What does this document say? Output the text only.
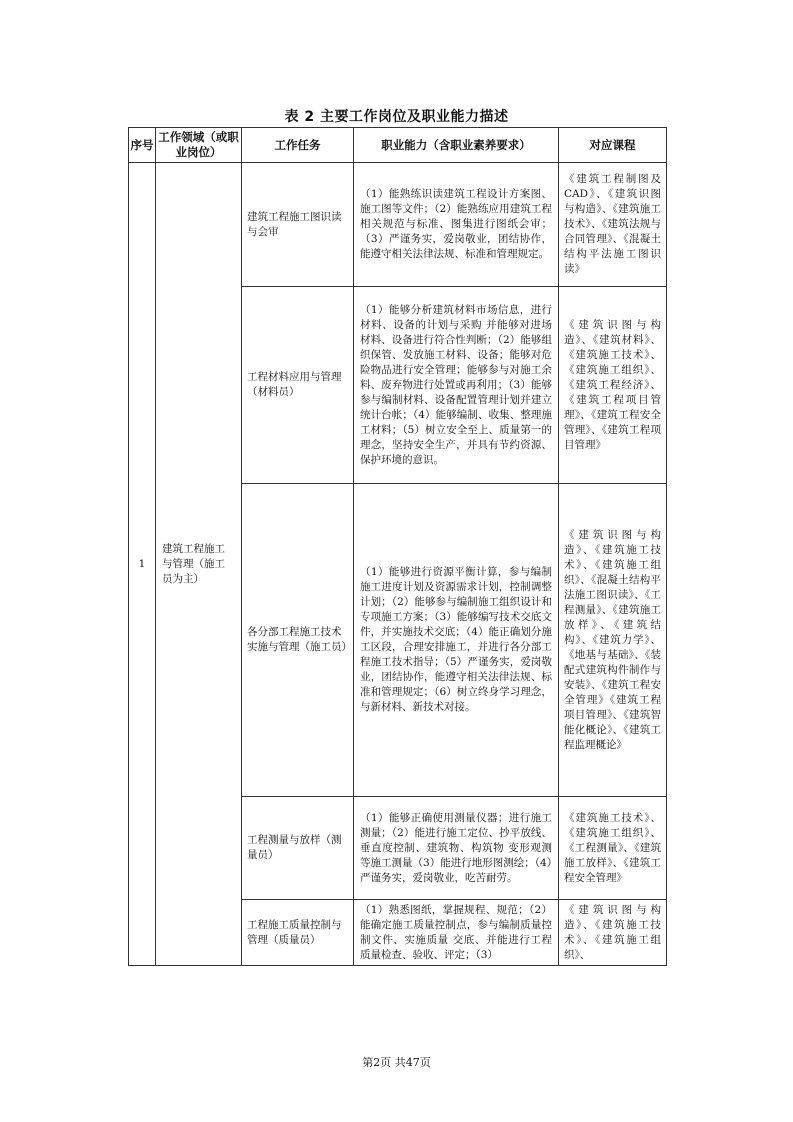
表 2 主要工作岗位及职业能力描述
序号	工作领域（或职业岗位）	工作任务	职业能力（含职业素养要求）	对应课程
1	建筑工程施工与管理（施工员为主）	建筑工程施工图识读与会审	（1）能熟练识读建筑工程设计方案图、施工图等文件；（2）能熟练应用建筑工程相关规范与标准、图集进行图纸会审；（3）严谨务实，爱岗敬业，团结协作，能遵守相关法律法规、标准和管理规定。	《建筑工程制图及CAD》、《建筑识图与构造》、《建筑施工技术》、《建筑法规与合同管理》、《混凝土结构平法施工图识读》
		工程材料应用与管理（材料员）	（1）能够分析建筑材料市场信息，进行材料、设备的计划与采购 并能够对进场材料、设备进行符合性判断；（2）能够组织保管、发放施工材料、设备；能够对危险物品进行安全管理；能够参与对施工余料、废弃物进行处置或再利用；（3）能够参与编制材料、设备配置管理计划并建立统计台帐；（4）能够编制、收集、整理施工材料；（5）树立安全至上、质量第一的理念，坚持安全生产，并具有节约资源、保护环境的意识。	《建筑识图与构造》、《建筑材料》、《建筑施工技术》、《建筑施工组织》、《建筑工程经济》、《建筑工程项目管理》、《建筑工程安全管理》、《建筑工程项目管理》
		各分部工程施工技术实施与管理（施工员）	（1）能够进行资源平衡计算，参与编制施工进度计划及资源需求计划，控制调整计划；（2）能够参与编制施工组织设计和专项施工方案；（3）能够编写技术交底文件，并实施技术交底；（4）能正确划分施工区段，合理安排施工，并进行各分部工程施工技术指导；（5）严谨务实，爱岗敬业，团结协作，能遵守相关法律法规、标准和管理规定；（6）树立终身学习理念，与新材料、新技术对接。	《建筑识图与构造》、《建筑施工技术》、《建筑施工组织》、《混凝土结构平法施工图识读》、《工程测量》、《建筑施工放样》、《建筑结构》、《建筑力学》、《地基与基础》、《装配式建筑构件制作与安装》、《建筑工程安全管理》《建筑工程项目管理》、《建筑智能化概论》、《建筑工程监理概论》
		工程测量与放样（测量员）	（1）能够正确使用测量仪器；进行施工测量；（2）能进行施工定位、抄平放线、垂直度控制、建筑物、构筑物 变形观测等施工测量（3）能进行地形图测绘；（4）严谨务实，爱岗敬业，吃苦耐劳。	《建筑施工技术》、《建筑施工组织》、《工程测量》、《建筑施工放样》、《建筑工程安全管理》
		工程施工质量控制与管理（质量员）	（1）熟悉图纸，掌握规程、规范；（2）能确定施工质量控制点，参与编制质量控制文件、实施质量 交底、并能进行工程质量检查、验收、评定；（3）	《建筑识图与构造》、《建筑施工技术》、《建筑施工组织》、
第2页 共47页
